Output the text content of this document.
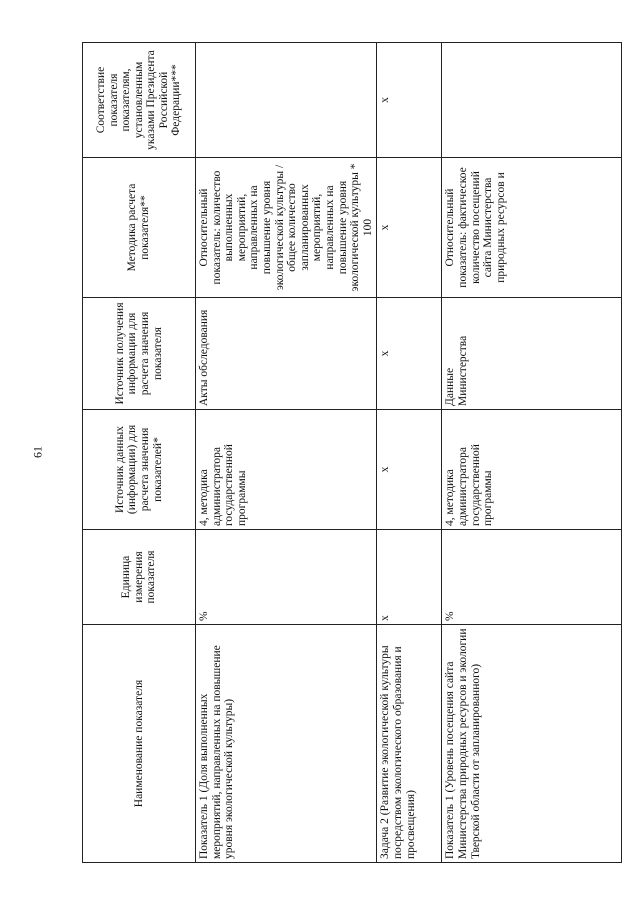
61
Наименование показателя	Единица измерения показателя	Источник данных (информации) для расчета значения показателей*	Источник получения информации для расчета значения показателя	Методика расчета показателя**	Соответствие показателя показателям, установленным указами Президента Российской Федерации***
Показатель 1 (Доля выполненных мероприятий, направленных на повышение уровня экологической культуры)	%	4, методика администратора государственной программы	Акты обследования	Относительный показатель: количество выполненных мероприятий, направленных на повышение уровня экологической культуры / общее количество запланированных мероприятий, направленных на повышение уровня экологической культуры * 100	
Задача 2 (Развитие экологической культуры посредством экологического образования и просвещения)	x	x	x	x	x
Показатель 1 (Уровень посещения сайта Министерства природных ресурсов и экологии Тверской области от запланированного)	%	4, методика администратора государственной программы	Данные Министерства	Относительный показатель: фактическое количество посещений сайта Министерства природных ресурсов и	
